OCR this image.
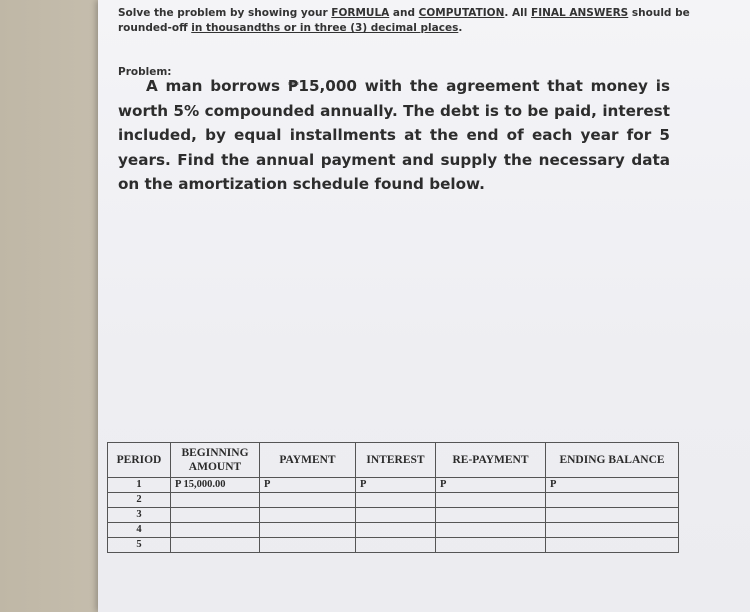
Solve the problem by showing your FORMULA and COMPUTATION. All FINAL ANSWERS should be rounded-off in thousandths or in three (3) decimal places.
Problem:
A man borrows ₱15,000 with the agreement that money is worth 5% compounded annually. The debt is to be paid, interest included, by equal installments at the end of each year for 5 years. Find the annual payment and supply the necessary data on the amortization schedule found below.
PERIOD	BEGINNING AMOUNT	PAYMENT	INTEREST	RE-PAYMENT	ENDING BALANCE
1	P 15,000.00	P	P	P	P
2					
3					
4					
5					
